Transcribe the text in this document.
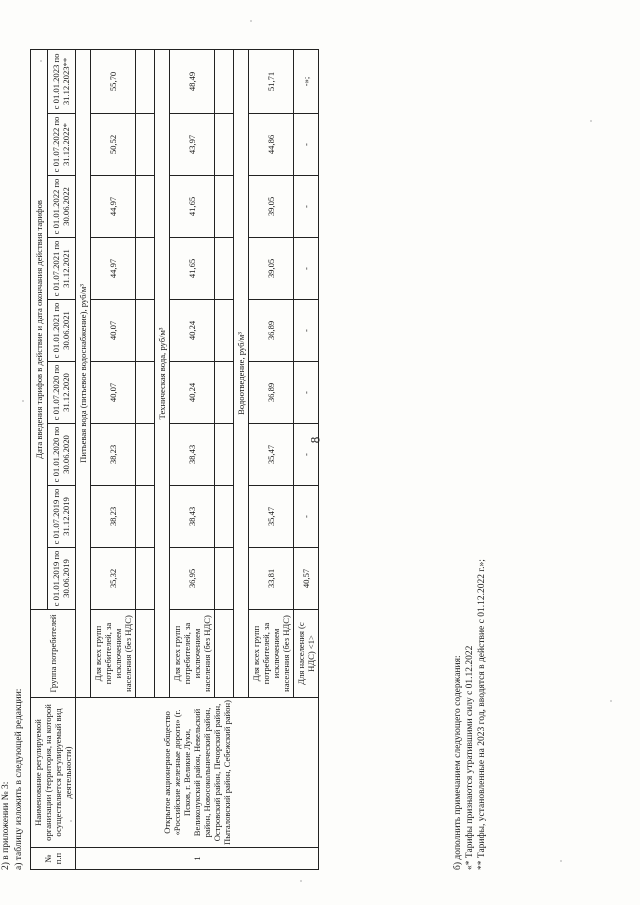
8
2) в приложении № 3: а) таблицу изложить в следующей редакции: № п.п	Наименование регулируемой организации (территория, на которой осуществляется регулируемый вид деятельности)	Группа потребителей	Дата введения тарифов в действие и дата окончания действия тарифов								
			с 01.01.2019 по 30.06.2019	с 01.07.2019 по 31.12.2019	с 01.01.2020 по 30.06.2020	с 01.07.2020 по 31.12.2020	с 01.01.2021 по 30.06.2021	с 01.07.2021 по 31.12.2021	с 01.01.2022 по 30.06.2022	с 01.07.2022 по 31.12.2022*	с 01.01.2023 по 31.12.2023**
1	Открытое акционерное общество «Российские железные дороги» (г. Псков, г. Великие Луки, Великолукский район, Невельский район, Новосокольнический район, Островский район, Печорский район, Пыталовский район, Себежский район)	Питьевая вода (питьевое водоснабжение), руб/м³									
		Для всех групп потребителей, за исключением населения (без НДС)	35,32	38,23	38,23	40,07	40,07	44,97	44,97	50,52	55,70

		Техническая вода, руб/м³									
		Для всех групп потребителей, за исключением населения (без НДС)	36,95	38,43	38,43	40,24	40,24	41,65	41,65	43,97	48,49

		Водоотведение, руб/м³									
		Для всех групп потребителей, за исключением населения (без НДС)	33,81	35,47	35,47	36,89	36,89	39,05	39,05	44,86	51,71
		Для населения (с НДС) <1>	40,57	-	-	-	-	-	-	-	-»;
б) дополнить примечанием следующего содержания: «* Тарифы признаются утратившими силу с 01.12.2022 ** Тарифы, установленные на 2023 год, вводятся в действие с 01.12.2022 г.»;
